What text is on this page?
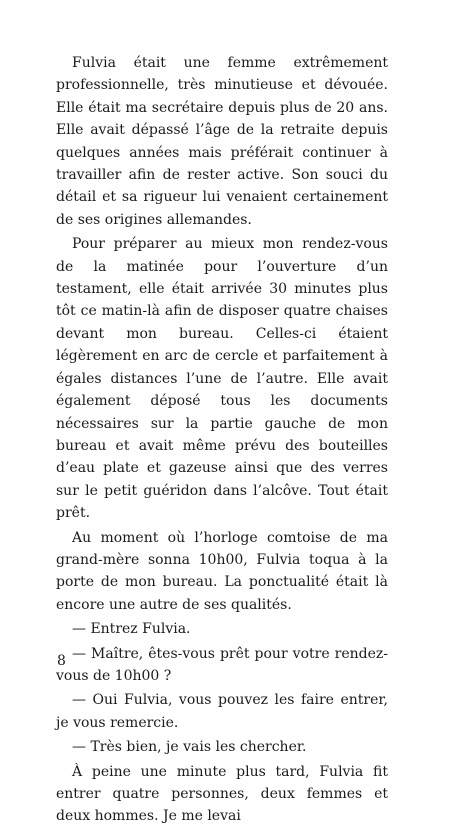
Fulvia était une femme extrêmement professionnelle, très minutieuse et dévouée. Elle était ma secrétaire depuis plus de 20 ans. Elle avait dépassé l’âge de la retraite depuis quelques années mais préférait continuer à travailler afin de rester active. Son souci du détail et sa rigueur lui venaient certainement de ses origines allemandes.

Pour préparer au mieux mon rendez-vous de la matinée pour l’ouverture d’un testament, elle était arrivée 30 minutes plus tôt ce matin-là afin de disposer quatre chaises devant mon bureau. Celles-ci étaient légèrement en arc de cercle et parfaitement à égales distances l’une de l’autre. Elle avait également déposé tous les documents nécessaires sur la partie gauche de mon bureau et avait même prévu des bouteilles d’eau plate et gazeuse ainsi que des verres sur le petit guéridon dans l’alcôve. Tout était prêt.

Au moment où l’horloge comtoise de ma grand-mère sonna 10h00, Fulvia toqua à la porte de mon bureau. La ponctualité était là encore une autre de ses qualités.

— Entrez Fulvia.

— Maître, êtes-vous prêt pour votre rendez-vous de 10h00 ?

— Oui Fulvia, vous pouvez les faire entrer, je vous remercie.

— Très bien, je vais les chercher.

À peine une minute plus tard, Fulvia fit entrer quatre personnes, deux femmes et deux hommes. Je me levai

8
